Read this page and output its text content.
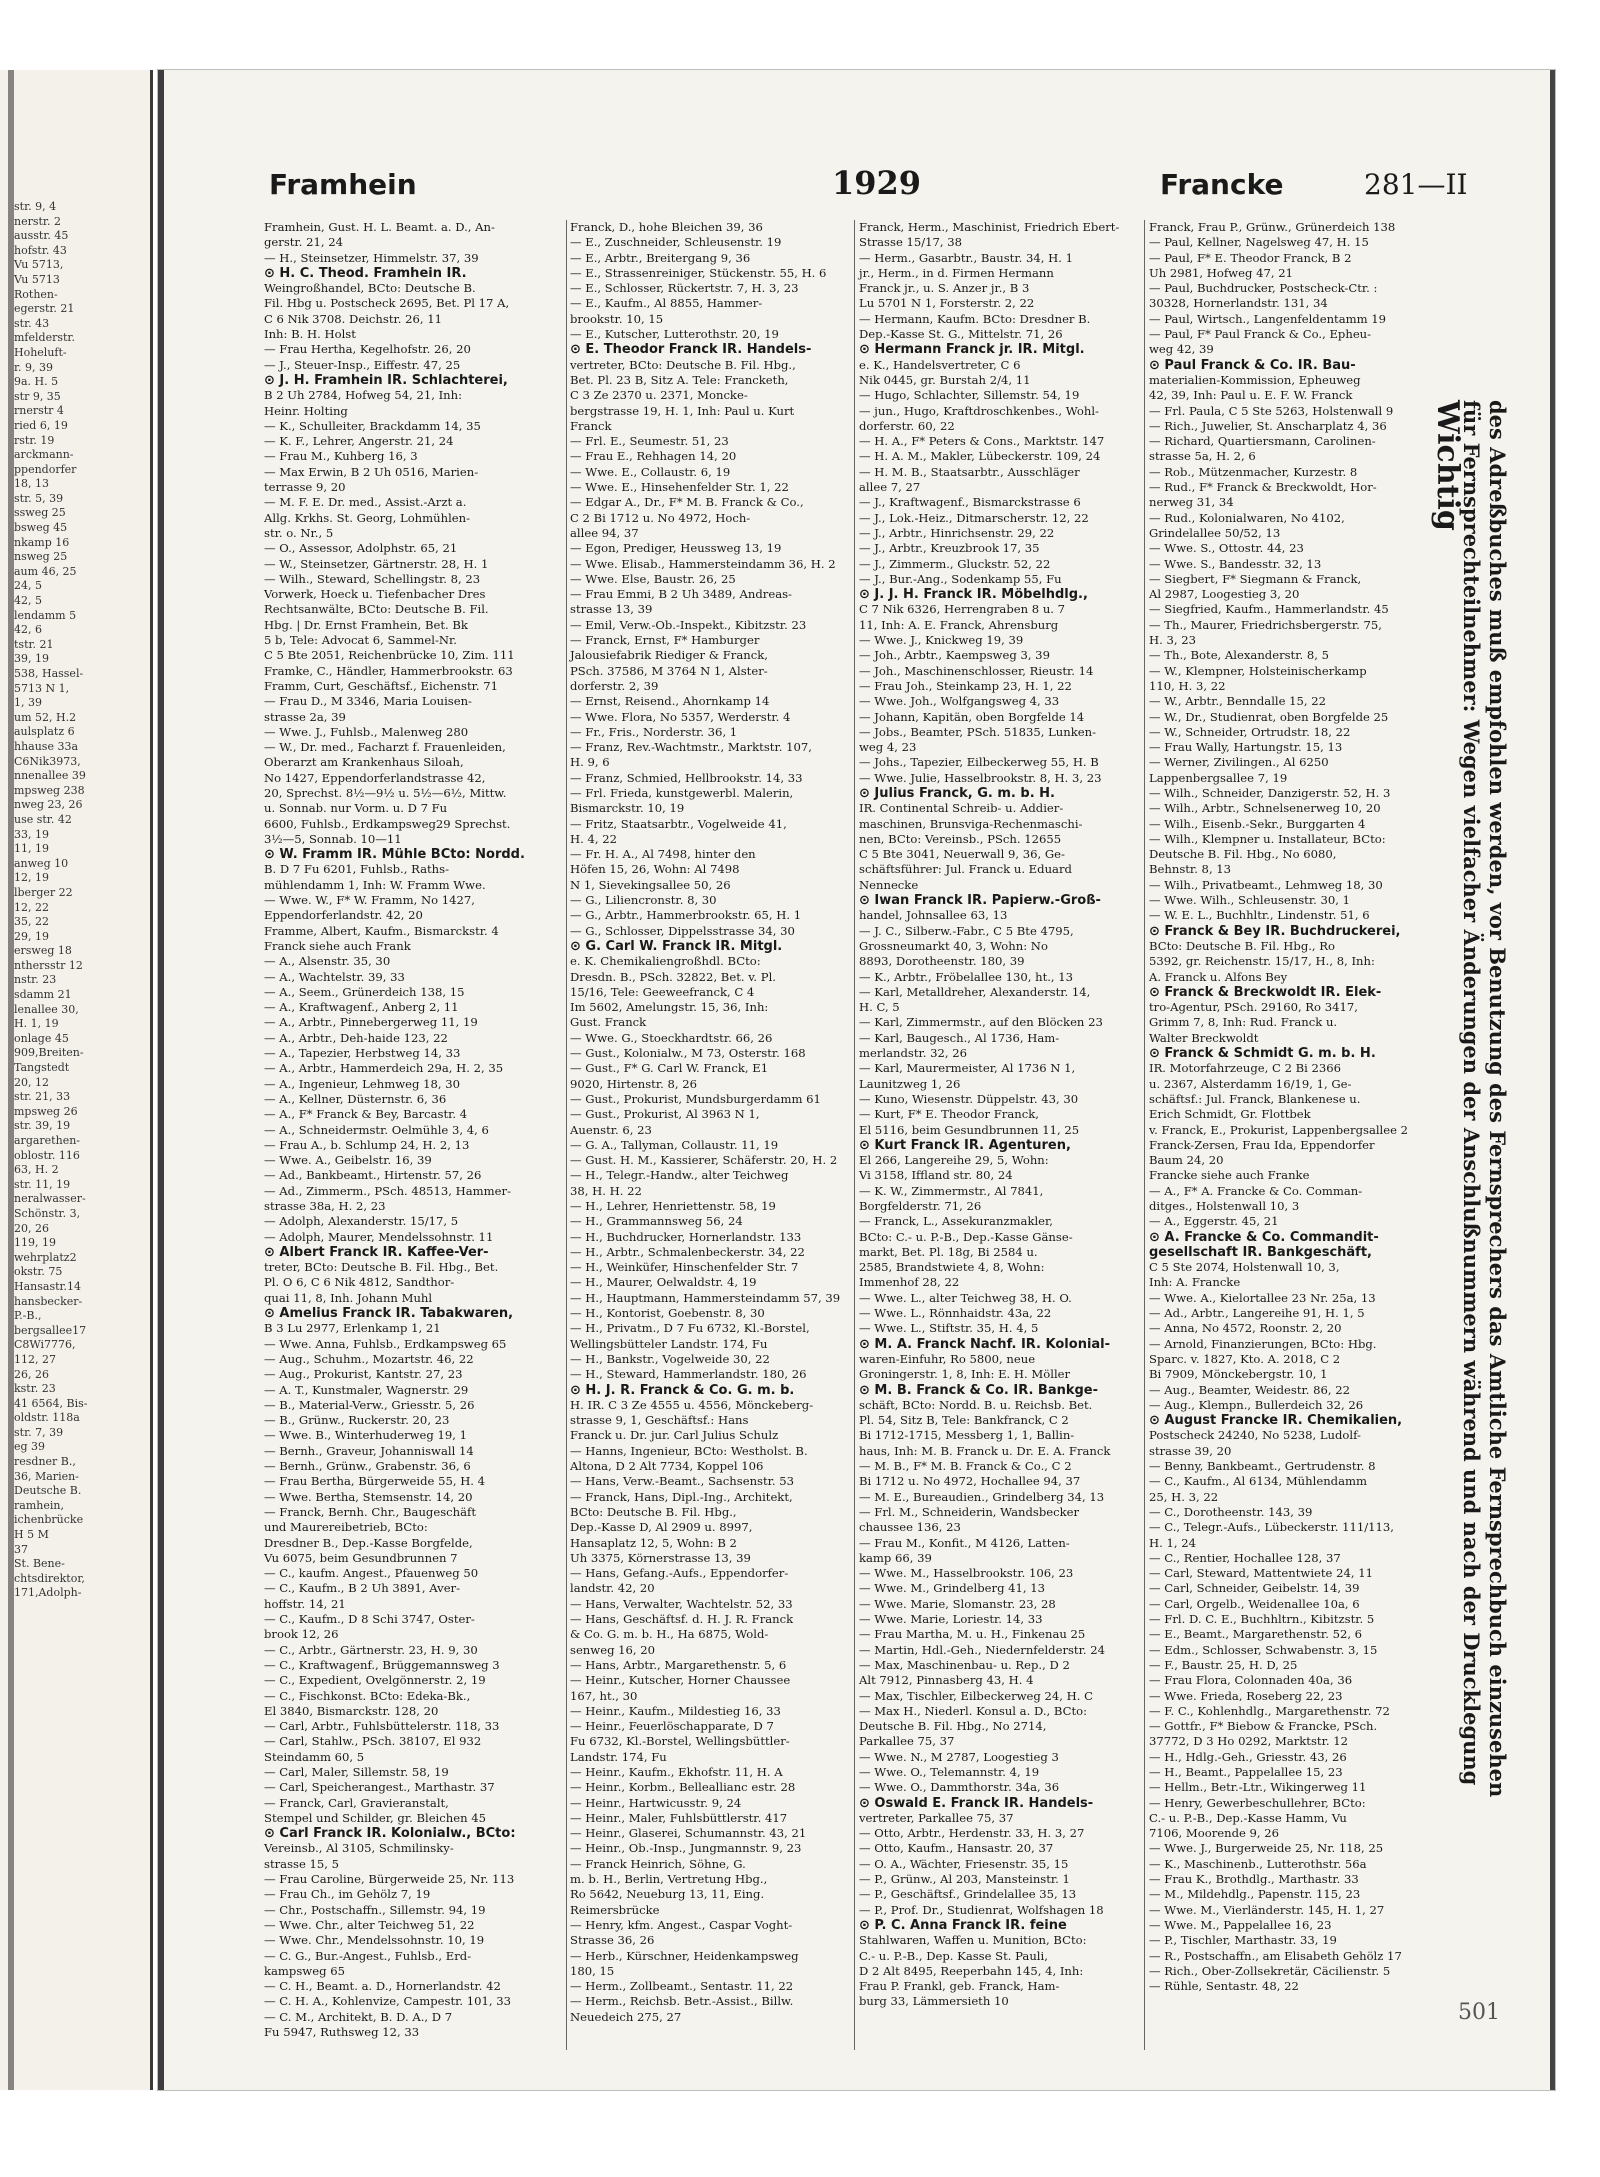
str. 9, 4
nerstr. 2
ausstr. 45
hofstr. 43
Vu 5713,
Vu 5713
Rothen-
egerstr. 21
str. 43
mfelderstr.
Hoheluft-
r. 9, 39
9a. H. 5
str 9, 35
rnerstr 4
ried 6, 19
rstr. 19
arckmann-
ppendorfer
18, 13
str. 5, 39
ssweg 25
bsweg 45
nkamp 16
nsweg 25
aum 46, 25
24, 5
42, 5
lendamm 5
42, 6
tstr. 21
39, 19
538, Hassel-
5713 N 1,
1, 39
um 52, H.2
aulsplatz 6
hhause 33a
C6Nik3973,
nnenallee 39
mpsweg 238
nweg 23, 26
use str. 42
33, 19
11, 19
anweg 10
12, 19
lberger 22
12, 22
35, 22
29, 19
ersweg 18
nthersstr 12
nstr. 23
sdamm 21
lenallee 30,
H. 1, 19
onlage 45
909,Breiten-
Tangstedt
20, 12
str. 21, 33
mpsweg 26
str. 39, 19
argarethen-
oblostr. 116
63, H. 2
str. 11, 19
neralwasser-
Schönstr. 3,
20, 26
119, 19
wehrplatz2
okstr. 75
Hansastr.14
hansbecker-
P.-B.,
bergsallee17
C8Wi7776,
112, 27
26, 26
kstr. 23
41 6564, Bis-
oldstr. 118a
str. 7, 39
eg 39
resdner B.,
36, Marien-
Deutsche B.
ramhein,
ichenbrücke
H 5 M
37
St. Bene-
chtsdirektor,
171,Adolph-
Framhein	1929	Francke	281—II
Framhein, Gust. H. L. Beamt. a. D., An-
gerstr. 21, 24
— H., Steinsetzer, Himmelstr. 37, 39
⊙ H. C. Theod. Framhein IR.
Weingroßhandel, BCto: Deutsche B.
Fil. Hbg u. Postscheck 2695, Bet. Pl 17 A,
C 6 Nik 3708. Deichstr. 26, 11
Inh: B. H. Holst
— Frau Hertha, Kegelhofstr. 26, 20
— J., Steuer-Insp., Eiffestr. 47, 25
⊙ J. H. Framhein IR. Schlachterei,
B 2 Uh 2784, Hofweg 54, 21, Inh:
Heinr. Holting
— K., Schulleiter, Brackdamm 14, 35
— K. F., Lehrer, Angerstr. 21, 24
— Frau M., Kuhberg 16, 3
— Max Erwin, B 2 Uh 0516, Marien-
terrasse 9, 20
— M. F. E. Dr. med., Assist.-Arzt a.
Allg. Krkhs. St. Georg, Lohmühlen-
str. o. Nr., 5
— O., Assessor, Adolphstr. 65, 21
— W., Steinsetzer, Gärtnerstr. 28, H. 1
— Wilh., Steward, Schellingstr. 8, 23
Vorwerk, Hoeck u. Tiefenbacher Dres
Rechtsanwälte, BCto: Deutsche B. Fil.
Hbg. | Dr. Ernst Framhein, Bet. Bk
5 b, Tele: Advocat 6, Sammel-Nr.
C 5 Bte 2051, Reichenbrücke 10, Zim. 111
Framke, C., Händler, Hammerbrookstr. 63
Framm, Curt, Geschäftsf., Eichenstr. 71
— Frau D., M 3346, Maria Louisen-
strasse 2a, 39
— Wwe. J., Fuhlsb., Malenweg 280
— W., Dr. med., Facharzt f. Frauenleiden,
Oberarzt am Krankenhaus Siloah,
No 1427, Eppendorferlandstrasse 42,
20, Sprechst. 8½—9½ u. 5½—6½, Mittw.
u. Sonnab. nur Vorm. u. D 7 Fu
6600, Fuhlsb., Erdkampsweg29 Sprechst.
3½—5, Sonnab. 10—11
⊙ W. Framm IR. Mühle BCto: Nordd.
B. D 7 Fu 6201, Fuhlsb., Raths-
mühlendamm 1, Inh: W. Framm Wwe.
— Wwe. W., F* W. Framm, No 1427,
Eppendorferlandstr. 42, 20
Framme, Albert, Kaufm., Bismarckstr. 4
Franck siehe auch Frank
— A., Alsenstr. 35, 30
— A., Wachtelstr. 39, 33
— A., Seem., Grünerdeich 138, 15
— A., Kraftwagenf., Anberg 2, 11
— A., Arbtr., Pinnebergerweg 11, 19
— A., Arbtr., Deh-haide 123, 22
— A., Tapezier, Herbstweg 14, 33
— A., Arbtr., Hammerdeich 29a, H. 2, 35
— A., Ingenieur, Lehmweg 18, 30
— A., Kellner, Düsternstr. 6, 36
— A., F* Franck & Bey, Barcastr. 4
— A., Schneidermstr. Oelmühle 3, 4, 6
— Frau A., b. Schlump 24, H. 2, 13
— Wwe. A., Geibelstr. 16, 39
— Ad., Bankbeamt., Hirtenstr. 57, 26
— Ad., Zimmerm., PSch. 48513, Hammer-
strasse 38a, H. 2, 23
— Adolph, Alexanderstr. 15/17, 5
— Adolph, Maurer, Mendelssohnstr. 11
⊙ Albert Franck IR. Kaffee-Ver-
treter, BCto: Deutsche B. Fil. Hbg., Bet.
Pl. O 6, C 6 Nik 4812, Sandthor-
quai 11, 8, Inh. Johann Muhl
⊙ Amelius Franck IR. Tabakwaren,
B 3 Lu 2977, Erlenkamp 1, 21
— Wwe. Anna, Fuhlsb., Erdkampsweg 65
— Aug., Schuhm., Mozartstr. 46, 22
— Aug., Prokurist, Kantstr. 27, 23
— A. T., Kunstmaler, Wagnerstr. 29
— B., Material-Verw., Griesstr. 5, 26
— B., Grünw., Ruckerstr. 20, 23
— Wwe. B., Winterhuderweg 19, 1
— Bernh., Graveur, Johanniswall 14
— Bernh., Grünw., Grabenstr. 36, 6
— Frau Bertha, Bürgerweide 55, H. 4
— Wwe. Bertha, Stemsenstr. 14, 20
— Franck, Bernh. Chr., Baugeschäft
und Maurereibetrieb, BCto:
Dresdner B., Dep.-Kasse Borgfelde,
Vu 6075, beim Gesundbrunnen 7
— C., kaufm. Angest., Pfauenweg 50
— C., Kaufm., B 2 Uh 3891, Aver-
hoffstr. 14, 21
— C., Kaufm., D 8 Schi 3747, Oster-
brook 12, 26
— C., Arbtr., Gärtnerstr. 23, H. 9, 30
— C., Kraftwagenf., Brüggemannsweg 3
— C., Expedient, Ovelgönnerstr. 2, 19
— C., Fischkonst. BCto: Edeka-Bk.,
El 3840, Bismarckstr. 128, 20
— Carl, Arbtr., Fuhlsbüttelerstr. 118, 33
— Carl, Stahlw., PSch. 38107, El 932
Steindamm 60, 5
— Carl, Maler, Sillemstr. 58, 19
— Carl, Speicherangest., Marthastr. 37
— Franck, Carl, Gravieranstalt,
Stempel und Schilder, gr. Bleichen 45
⊙ Carl Franck IR. Kolonialw., BCto:
Vereinsb., Al 3105, Schmilinsky-
strasse 15, 5
— Frau Caroline, Bürgerweide 25, Nr. 113
— Frau Ch., im Gehölz 7, 19
— Chr., Postschaffn., Sillemstr. 94, 19
— Wwe. Chr., alter Teichweg 51, 22
— Wwe. Chr., Mendelssohnstr. 10, 19
— C. G., Bur.-Angest., Fuhlsb., Erd-
kampsweg 65
— C. H., Beamt. a. D., Hornerlandstr. 42
— C. H. A., Kohlenvize, Campestr. 101, 33
— C. M., Architekt, B. D. A., D 7
Fu 5947, Ruthsweg 12, 33
Franck, D., hohe Bleichen 39, 36
— E., Zuschneider, Schleusenstr. 19
— E., Arbtr., Breitergang 9, 36
— E., Strassenreiniger, Stückenstr. 55, H. 6
— E., Schlosser, Rückertstr. 7, H. 3, 23
— E., Kaufm., Al 8855, Hammer-
brookstr. 10, 15
— E., Kutscher, Lutterothstr. 20, 19
⊙ E. Theodor Franck IR. Handels-
vertreter, BCto: Deutsche B. Fil. Hbg.,
Bet. Pl. 23 B, Sitz A. Tele: Francketh,
C 3 Ze 2370 u. 2371, Moncke-
bergstrasse 19, H. 1, Inh: Paul u. Kurt
Franck
— Frl. E., Seumestr. 51, 23
— Frau E., Rehhagen 14, 20
— Wwe. E., Collaustr. 6, 19
— Wwe. E., Hinsehenfelder Str. 1, 22
— Edgar A., Dr., F* M. B. Franck & Co.,
C 2 Bi 1712 u. No 4972, Hoch-
allee 94, 37
— Egon, Prediger, Heussweg 13, 19
— Wwe. Elisab., Hammersteindamm 36, H. 2
— Wwe. Else, Baustr. 26, 25
— Frau Emmi, B 2 Uh 3489, Andreas-
strasse 13, 39
— Emil, Verw.-Ob.-Inspekt., Kibitzstr. 23
— Franck, Ernst, F* Hamburger
Jalousiefabrik Riediger & Franck,
PSch. 37586, M 3764 N 1, Alster-
dorferstr. 2, 39
— Ernst, Reisend., Ahornkamp 14
— Wwe. Flora, No 5357, Werderstr. 4
— Fr., Fris., Norderstr. 36, 1
— Franz, Rev.-Wachtmstr., Marktstr. 107,
H. 9, 6
— Franz, Schmied, Hellbrookstr. 14, 33
— Frl. Frieda, kunstgewerbl. Malerin,
Bismarckstr. 10, 19
— Fritz, Staatsarbtr., Vogelweide 41,
H. 4, 22
— Fr. H. A., Al 7498, hinter den
Höfen 15, 26, Wohn: Al 7498
N 1, Sievekingsallee 50, 26
— G., Liliencronstr. 8, 30
— G., Arbtr., Hammerbrookstr. 65, H. 1
— G., Schlosser, Dippelsstrasse 34, 30
⊙ G. Carl W. Franck IR. Mitgl.
e. K. Chemikaliengroßhdl. BCto:
Dresdn. B., PSch. 32822, Bet. v. Pl.
15/16, Tele: Geeweefranck, C 4
Im 5602, Amelungstr. 15, 36, Inh:
Gust. Franck
— Wwe. G., Stoeckhardtstr. 66, 26
— Gust., Kolonialw., M 73, Osterstr. 168
— Gust., F* G. Carl W. Franck, E1
9020, Hirtenstr. 8, 26
— Gust., Prokurist, Mundsburgerdamm 61
— Gust., Prokurist, Al 3963 N 1,
Auenstr. 6, 23
— G. A., Tallyman, Collaustr. 11, 19
— Gust. H. M., Kassierer, Schäferstr. 20, H. 2
— H., Telegr.-Handw., alter Teichweg
38, H. H. 22
— H., Lehrer, Henriettenstr. 58, 19
— H., Grammannsweg 56, 24
— H., Buchdrucker, Hornerlandstr. 133
— H., Arbtr., Schmalenbeckerstr. 34, 22
— H., Weinküfer, Hinschenfelder Str. 7
— H., Maurer, Oelwaldstr. 4, 19
— H., Hauptmann, Hammersteindamm 57, 39
— H., Kontorist, Goebenstr. 8, 30
— H., Privatm., D 7 Fu 6732, Kl.-Borstel,
Wellingsbütteler Landstr. 174, Fu
— H., Bankstr., Vogelweide 30, 22
— H., Steward, Hammerlandstr. 180, 26
⊙ H. J. R. Franck & Co. G. m. b.
H. IR. C 3 Ze 4555 u. 4556, Mönckeberg-
strasse 9, 1, Geschäftsf.: Hans
Franck u. Dr. jur. Carl Julius Schulz
— Hanns, Ingenieur, BCto: Westholst. B.
Altona, D 2 Alt 7734, Koppel 106
— Hans, Verw.-Beamt., Sachsenstr. 53
— Franck, Hans, Dipl.-Ing., Architekt,
BCto: Deutsche B. Fil. Hbg.,
Dep.-Kasse D, Al 2909 u. 8997,
Hansaplatz 12, 5, Wohn: B 2
Uh 3375, Körnerstrasse 13, 39
— Hans, Gefang.-Aufs., Eppendorfer-
landstr. 42, 20
— Hans, Verwalter, Wachtelstr. 52, 33
— Hans, Geschäftsf. d. H. J. R. Franck
& Co. G. m. b. H., Ha 6875, Wold-
senweg 16, 20
— Hans, Arbtr., Margarethenstr. 5, 6
— Heinr., Kutscher, Horner Chaussee
167, ht., 30
— Heinr., Kaufm., Mildestieg 16, 33
— Heinr., Feuerlöschapparate, D 7
Fu 6732, Kl.-Borstel, Wellingsbüttler-
Landstr. 174, Fu
— Heinr., Kaufm., Ekhofstr. 11, H. A
— Heinr., Korbm., Belleallianc estr. 28
— Heinr., Hartwicusstr. 9, 24
— Heinr., Maler, Fuhlsbüttlerstr. 417
— Heinr., Glaserei, Schumannstr. 43, 21
— Heinr., Ob.-Insp., Jungmannstr. 9, 23
— Franck Heinrich, Söhne, G.
m. b. H., Berlin, Vertretung Hbg.,
Ro 5642, Neueburg 13, 11, Eing.
Reimersbrücke
— Henry, kfm. Angest., Caspar Voght-
Strasse 36, 26
— Herb., Kürschner, Heidenkampsweg
180, 15
— Herm., Zollbeamt., Sentastr. 11, 22
— Herm., Reichsb. Betr.-Assist., Billw.
Neuedeich 275, 27
Franck, Herm., Maschinist, Friedrich Ebert-
Strasse 15/17, 38
— Herm., Gasarbtr., Baustr. 34, H. 1
jr., Herm., in d. Firmen Hermann
Franck jr., u. S. Anzer jr., B 3
Lu 5701 N 1, Forsterstr. 2, 22
— Hermann, Kaufm. BCto: Dresdner B.
Dep.-Kasse St. G., Mittelstr. 71, 26
⊙ Hermann Franck jr. IR. Mitgl.
e. K., Handelsvertreter, C 6
Nik 0445, gr. Burstah 2/4, 11
— Hugo, Schlachter, Sillemstr. 54, 19
— jun., Hugo, Kraftdroschkenbes., Wohl-
dorferstr. 60, 22
— H. A., F* Peters & Cons., Marktstr. 147
— H. A. M., Makler, Lübeckerstr. 109, 24
— H. M. B., Staatsarbtr., Ausschläger
allee 7, 27
— J., Kraftwagenf., Bismarckstrasse 6
— J., Lok.-Heiz., Ditmarscherstr. 12, 22
— J., Arbtr., Hinrichsenstr. 29, 22
— J., Arbtr., Kreuzbrook 17, 35
— J., Zimmerm., Gluckstr. 52, 22
— J., Bur.-Ang., Sodenkamp 55, Fu
⊙ J. J. H. Franck IR. Möbelhdlg.,
C 7 Nik 6326, Herrengraben 8 u. 7
11, Inh: A. E. Franck, Ahrensburg
— Wwe. J., Knickweg 19, 39
— Joh., Arbtr., Kaempsweg 3, 39
— Joh., Maschinenschlosser, Rieustr. 14
— Frau Joh., Steinkamp 23, H. 1, 22
— Wwe. Joh., Wolfgangsweg 4, 33
— Johann, Kapitän, oben Borgfelde 14
— Jobs., Beamter, PSch. 51835, Lunken-
weg 4, 23
— Johs., Tapezier, Eilbeckerweg 55, H. B
— Wwe. Julie, Hasselbrookstr. 8, H. 3, 23
⊙ Julius Franck, G. m. b. H.
IR. Continental Schreib- u. Addier-
maschinen, Brunsviga-Rechenmaschi-
nen, BCto: Vereinsb., PSch. 12655
C 5 Bte 3041, Neuerwall 9, 36, Ge-
schäftsführer: Jul. Franck u. Eduard
Nennecke
⊙ Iwan Franck IR. Papierw.-Groß-
handel, Johnsallee 63, 13
— J. C., Silberw.-Fabr., C 5 Bte 4795,
Grossneumarkt 40, 3, Wohn: No
8893, Dorotheenstr. 180, 39
— K., Arbtr., Fröbelallee 130, ht., 13
— Karl, Metalldreher, Alexanderstr. 14,
H. C, 5
— Karl, Zimmermstr., auf den Blöcken 23
— Karl, Baugesch., Al 1736, Ham-
merlandstr. 32, 26
— Karl, Maurermeister, Al 1736 N 1,
Launitzweg 1, 26
— Kuno, Wiesenstr. Düppelstr. 43, 30
— Kurt, F* E. Theodor Franck,
El 5116, beim Gesundbrunnen 11, 25
⊙ Kurt Franck IR. Agenturen,
El 266, Langereihe 29, 5, Wohn:
Vi 3158, Iffland str. 80, 24
— K. W., Zimmermstr., Al 7841,
Borgfelderstr. 71, 26
— Franck, L., Assekuranzmakler,
BCto: C.- u. P.-B., Dep.-Kasse Gänse-
markt, Bet. Pl. 18g, Bi 2584 u.
2585, Brandstwiete 4, 8, Wohn:
Immenhof 28, 22
— Wwe. L., alter Teichweg 38, H. O.
— Wwe. L., Rönnhaidstr. 43a, 22
— Wwe. L., Stiftstr. 35, H. 4, 5
⊙ M. A. Franck Nachf. IR. Kolonial-
waren-Einfuhr, Ro 5800, neue
Groningerstr. 1, 8, Inh: E. H. Möller
⊙ M. B. Franck & Co. IR. Bankge-
schäft, BCto: Nordd. B. u. Reichsb. Bet.
Pl. 54, Sitz B, Tele: Bankfranck, C 2
Bi 1712-1715, Messberg 1, 1, Ballin-
haus, Inh: M. B. Franck u. Dr. E. A. Franck
— M. B., F* M. B. Franck & Co., C 2
Bi 1712 u. No 4972, Hochallee 94, 37
— M. E., Bureaudien., Grindelberg 34, 13
— Frl. M., Schneiderin, Wandsbecker
chaussee 136, 23
— Frau M., Konfit., M 4126, Latten-
kamp 66, 39
— Wwe. M., Hasselbrookstr. 106, 23
— Wwe. M., Grindelberg 41, 13
— Wwe. Marie, Slomanstr. 23, 28
— Wwe. Marie, Loriestr. 14, 33
— Frau Martha, M. u. H., Finkenau 25
— Martin, Hdl.-Geh., Niedernfelderstr. 24
— Max, Maschinenbau- u. Rep., D 2
Alt 7912, Pinnasberg 43, H. 4
— Max, Tischler, Eilbeckerweg 24, H. C
— Max H., Niederl. Konsul a. D., BCto:
Deutsche B. Fil. Hbg., No 2714,
Parkallee 75, 37
— Wwe. N., M 2787, Loogestieg 3
— Wwe. O., Telemannstr. 4, 19
— Wwe. O., Dammthorstr. 34a, 36
⊙ Oswald E. Franck IR. Handels-
vertreter, Parkallee 75, 37
— Otto, Arbtr., Herdenstr. 33, H. 3, 27
— Otto, Kaufm., Hansastr. 20, 37
— O. A., Wächter, Friesenstr. 35, 15
— P., Grünw., Al 203, Mansteinstr. 1
— P., Geschäftsf., Grindelallee 35, 13
— P., Prof. Dr., Studienrat, Wolfshagen 18
⊙ P. C. Anna Franck IR. feine
Stahlwaren, Waffen u. Munition, BCto:
C.- u. P.-B., Dep. Kasse St. Pauli,
D 2 Alt 8495, Reeperbahn 145, 4, Inh:
Frau P. Frankl, geb. Franck, Ham-
burg 33, Lämmersieth 10
Franck, Frau P., Grünw., Grünerdeich 138
— Paul, Kellner, Nagelsweg 47, H. 15
— Paul, F* E. Theodor Franck, B 2
Uh 2981, Hofweg 47, 21
— Paul, Buchdrucker, Postscheck-Ctr. :
30328, Hornerlandstr. 131, 34
— Paul, Wirtsch., Langenfeldentamm 19
— Paul, F* Paul Franck & Co., Epheu-
weg 42, 39
⊙ Paul Franck & Co. IR. Bau-
materialien-Kommission, Epheuweg
42, 39, Inh: Paul u. E. F. W. Franck
— Frl. Paula, C 5 Ste 5263, Holstenwall 9
— Rich., Juwelier, St. Anscharplatz 4, 36
— Richard, Quartiersmann, Carolinen-
strasse 5a, H. 2, 6
— Rob., Mützenmacher, Kurzestr. 8
— Rud., F* Franck & Breckwoldt, Hor-
nerweg 31, 34
— Rud., Kolonialwaren, No 4102,
Grindelallee 50/52, 13
— Wwe. S., Ottostr. 44, 23
— Wwe. S., Bandesstr. 32, 13
— Siegbert, F* Siegmann & Franck,
Al 2987, Loogestieg 3, 20
— Siegfried, Kaufm., Hammerlandstr. 45
— Th., Maurer, Friedrichsbergerstr. 75,
H. 3, 23
— Th., Bote, Alexanderstr. 8, 5
— W., Klempner, Holsteinischerkamp
110, H. 3, 22
— W., Arbtr., Benndalle 15, 22
— W., Dr., Studienrat, oben Borgfelde 25
— W., Schneider, Ortrudstr. 18, 22
— Frau Wally, Hartungstr. 15, 13
— Werner, Zivilingen., Al 6250
Lappenbergsallee 7, 19
— Wilh., Schneider, Danzigerstr. 52, H. 3
— Wilh., Arbtr., Schnelsenerweg 10, 20
— Wilh., Eisenb.-Sekr., Burggarten 4
— Wilh., Klempner u. Installateur, BCto:
Deutsche B. Fil. Hbg., No 6080,
Behnstr. 8, 13
— Wilh., Privatbeamt., Lehmweg 18, 30
— Wwe. Wilh., Schleusenstr. 30, 1
— W. E. L., Buchhltr., Lindenstr. 51, 6
⊙ Franck & Bey IR. Buchdruckerei,
BCto: Deutsche B. Fil. Hbg., Ro
5392, gr. Reichenstr. 15/17, H., 8, Inh:
A. Franck u. Alfons Bey
⊙ Franck & Breckwoldt IR. Elek-
tro-Agentur, PSch. 29160, Ro 3417,
Grimm 7, 8, Inh: Rud. Franck u.
Walter Breckwoldt
⊙ Franck & Schmidt G. m. b. H.
IR. Motorfahrzeuge, C 2 Bi 2366
u. 2367, Alsterdamm 16/19, 1, Ge-
schäftsf.: Jul. Franck, Blankenese u.
Erich Schmidt, Gr. Flottbek
v. Franck, E., Prokurist, Lappenbergsallee 2
Franck-Zersen, Frau Ida, Eppendorfer
Baum 24, 20
Francke siehe auch Franke
— A., F* A. Francke & Co. Comman-
ditges., Holstenwall 10, 3
— A., Eggerstr. 45, 21
⊙ A. Francke & Co. Commandit-
gesellschaft IR. Bankgeschäft,
C 5 Ste 2074, Holstenwall 10, 3,
Inh: A. Francke
— Wwe. A., Kielortallee 23 Nr. 25a, 13
— Ad., Arbtr., Langereihe 91, H. 1, 5
— Anna, No 4572, Roonstr. 2, 20
— Arnold, Finanzierungen, BCto: Hbg.
Sparc. v. 1827, Kto. A. 2018, C 2
Bi 7909, Mönckebergstr. 10, 1
— Aug., Beamter, Weidestr. 86, 22
— Aug., Klempn., Bullerdeich 32, 26
⊙ August Francke IR. Chemikalien,
Postscheck 24240, No 5238, Ludolf-
strasse 39, 20
— Benny, Bankbeamt., Gertrudenstr. 8
— C., Kaufm., Al 6134, Mühlendamm
25, H. 3, 22
— C., Dorotheenstr. 143, 39
— C., Telegr.-Aufs., Lübeckerstr. 111/113,
H. 1, 24
— C., Rentier, Hochallee 128, 37
— Carl, Steward, Mattentwiete 24, 11
— Carl, Schneider, Geibelstr. 14, 39
— Carl, Orgelb., Weidenallee 10a, 6
— Frl. D. C. E., Buchhltrn., Kibitzstr. 5
— E., Beamt., Margarethenstr. 52, 6
— Edm., Schlosser, Schwabenstr. 3, 15
— F., Baustr. 25, H. D, 25
— Frau Flora, Colonnaden 40a, 36
— Wwe. Frieda, Roseberg 22, 23
— F. C., Kohlenhdlg., Margarethenstr. 72
— Gottfr., F* Biebow & Francke, PSch.
37772, D 3 Ho 0292, Marktstr. 12
— H., Hdlg.-Geh., Griesstr. 43, 26
— H., Beamt., Pappelallee 15, 23
— Hellm., Betr.-Ltr., Wikingerweg 11
— Henry, Gewerbeschullehrer, BCto:
C.- u. P.-B., Dep.-Kasse Hamm, Vu
7106, Moorende 9, 26
— Wwe. J., Burgerweide 25, Nr. 118, 25
— K., Maschinenb., Lutterothstr. 56a
— Frau K., Brothdlg., Marthastr. 33
— M., Mildehdlg., Papenstr. 115, 23
— Wwe. M., Vierländerstr. 145, H. 1, 27
— Wwe. M., Pappelallee 16, 23
— P., Tischler, Marthastr. 33, 19
— R., Postschaffn., am Elisabeth Gehölz 17
— Rich., Ober-Zollsekretär, Cäcilienstr. 5
— Rühle, Sentastr. 48, 22
Wichtig
für Fernsprechteilnehmer: Wegen vielfacher Änderungen der Anschlußnummern während und nach der Drucklegung des Adreßbuches muß empfohlen werden, vor Benutzung des Fernsprechers das Amtliche Fernsprechbuch einzusehen
501
